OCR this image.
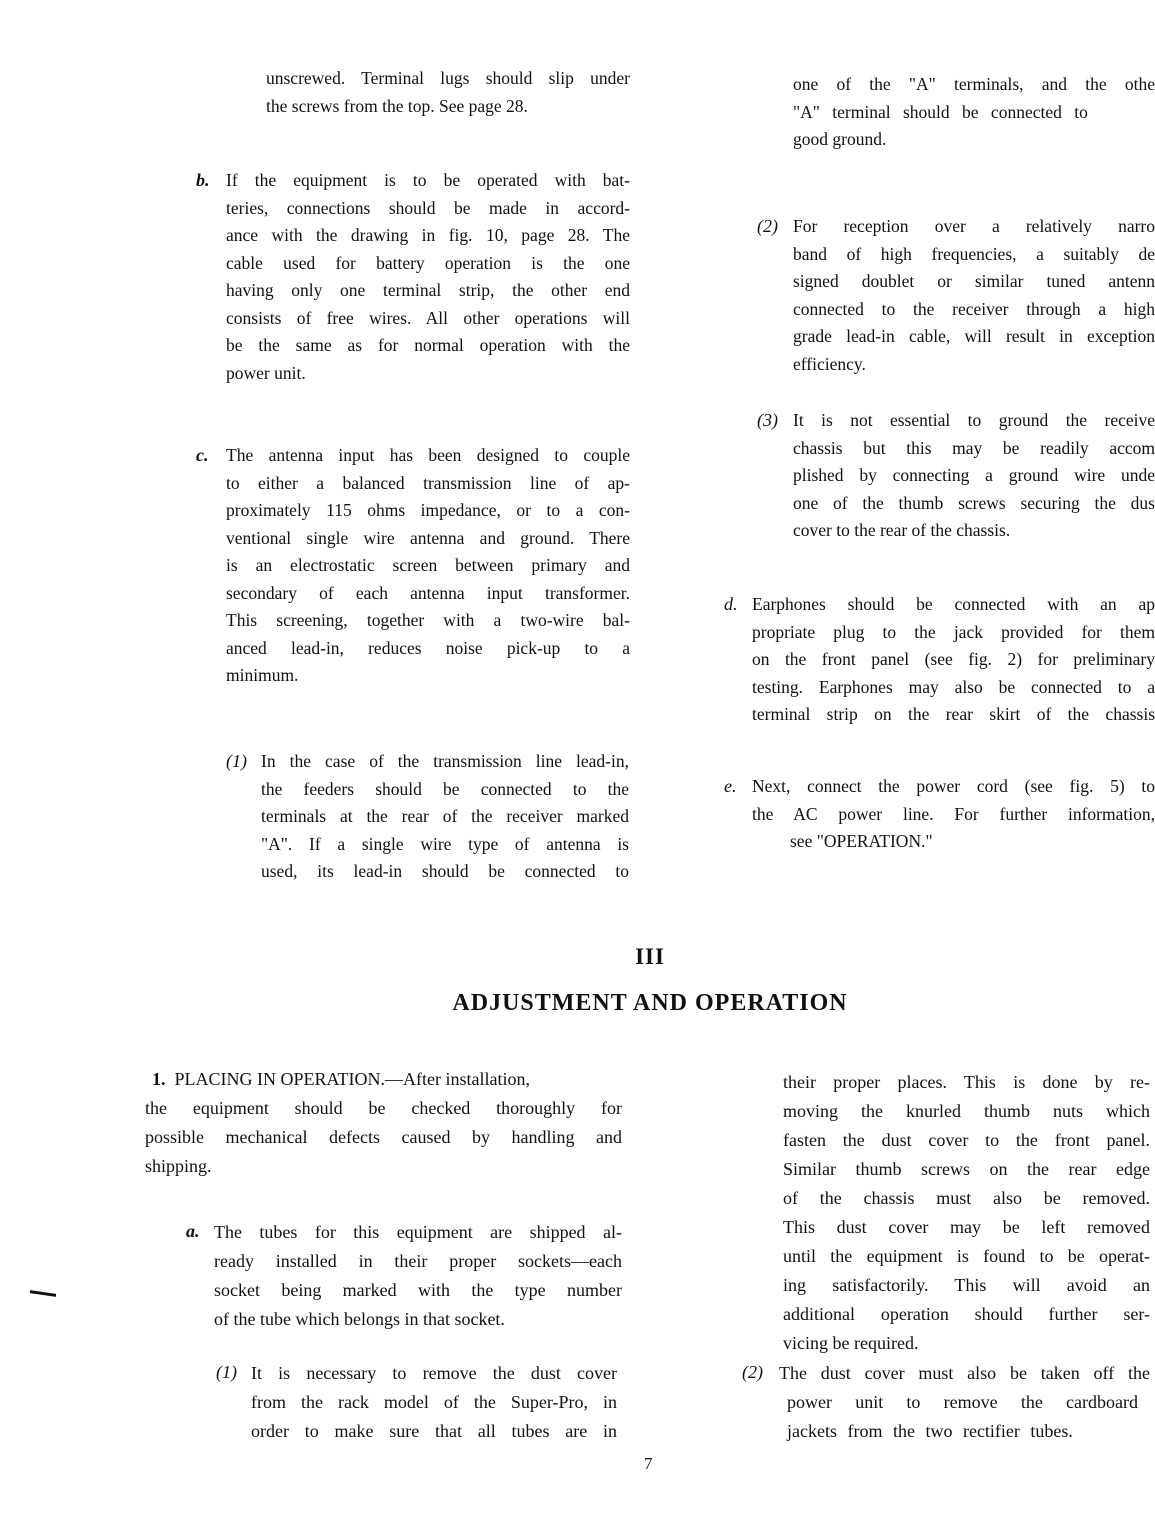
unscrewed. Terminal lugs should slip under
the screws from the top. See page 28.
b. If the equipment is to be operated with bat-
teries, connections should be made in accord-
ance with the drawing in fig. 10, page 28. The
cable used for battery operation is the one
having only one terminal strip, the other end
consists of free wires. All other operations will
be the same as for normal operation with the
power unit.
c. The antenna input has been designed to couple
to either a balanced transmission line of ap-
proximately 115 ohms impedance, or to a con-
ventional single wire antenna and ground. There
is an electrostatic screen between primary and
secondary of each antenna input transformer.
This screening, together with a two-wire bal-
anced lead-in, reduces noise pick-up to a
minimum.
(1) In the case of the transmission line lead-in,
the feeders should be connected to the
terminals at the rear of the receiver marked
"A". If a single wire type of antenna is
used, its lead-in should be connected to
one of the "A" terminals, and the othe
"A" terminal should be connected to
good ground.
(2) For reception over a relatively narro
band of high frequencies, a suitably de
signed doublet or similar tuned antenn
connected to the receiver through a high
grade lead-in cable, will result in exception
efficiency.
(3) It is not essential to ground the receive
chassis but this may be readily accom
plished by connecting a ground wire unde
one of the thumb screws securing the dus
cover to the rear of the chassis.
d. Earphones should be connected with an ap
propriate plug to the jack provided for them
on the front panel (see fig. 2) for preliminary
testing. Earphones may also be connected to a
terminal strip on the rear skirt of the chassis
e. Next, connect the power cord (see fig. 5) to
the AC power line. For further information,
see "OPERATION."
III
ADJUSTMENT AND OPERATION
1. PLACING IN OPERATION.—After installation,
the equipment should be checked thoroughly for
possible mechanical defects caused by handling and
shipping.
a. The tubes for this equipment are shipped al-
ready installed in their proper sockets—each
socket being marked with the type number
of the tube which belongs in that socket.
(1) It is necessary to remove the dust cover
from the rack model of the Super-Pro, in
order to make sure that all tubes are in
their proper places. This is done by re-
moving the knurled thumb nuts which
fasten the dust cover to the front panel.
Similar thumb screws on the rear edge
of the chassis must also be removed.
This dust cover may be left removed
until the equipment is found to be operat-
ing satisfactorily. This will avoid an
additional operation should further ser-
vicing be required.
(2) The dust cover must also be taken off the
power unit to remove the cardboard
jackets from the two rectifier tubes.
7
